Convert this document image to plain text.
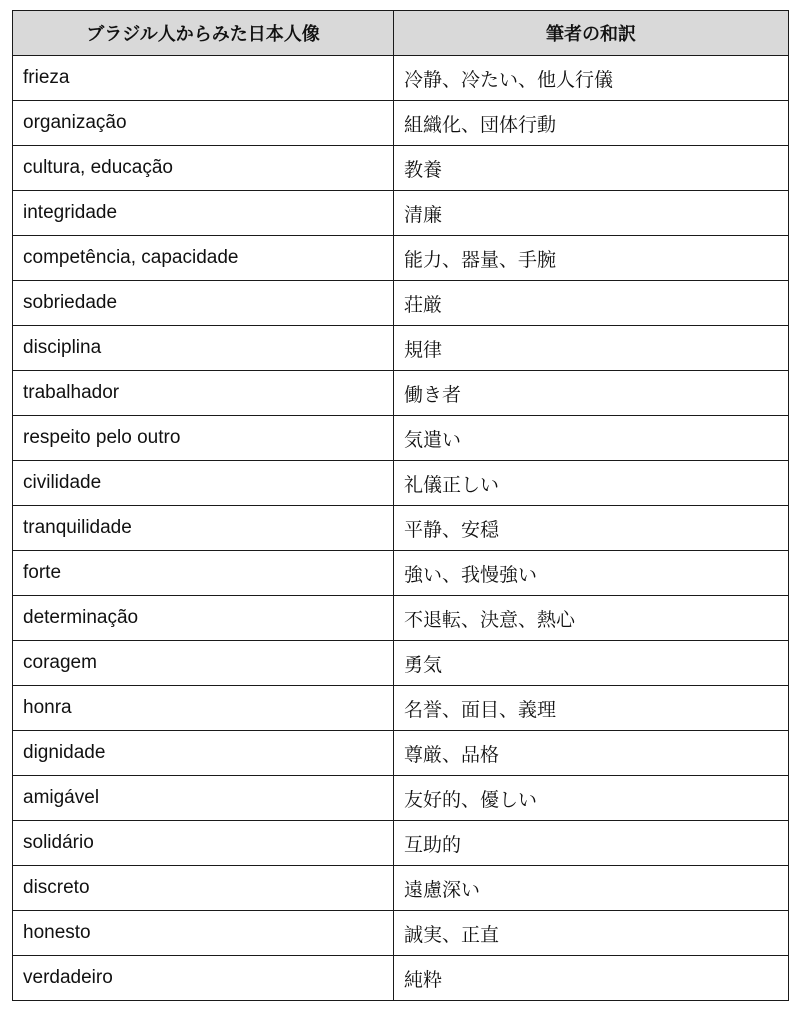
ブラジル人からみた日本人像	筆者の和訳
frieza	冷静、冷たい、他人行儀
organização	組織化、団体行動
cultura, educação	教養
integridade	清廉
competência, capacidade	能力、器量、手腕
sobriedade	荘厳
disciplina	規律
trabalhador	働き者
respeito pelo outro	気遣い
civilidade	礼儀正しい
tranquilidade	平静、安穏
forte	強い、我慢強い
determinação	不退転、決意、熱心
coragem	勇気
honra	名誉、面目、義理
dignidade	尊厳、品格
amigável	友好的、優しい
solidário	互助的
discreto	遠慮深い
honesto	誠実、正直
verdadeiro	純粋
